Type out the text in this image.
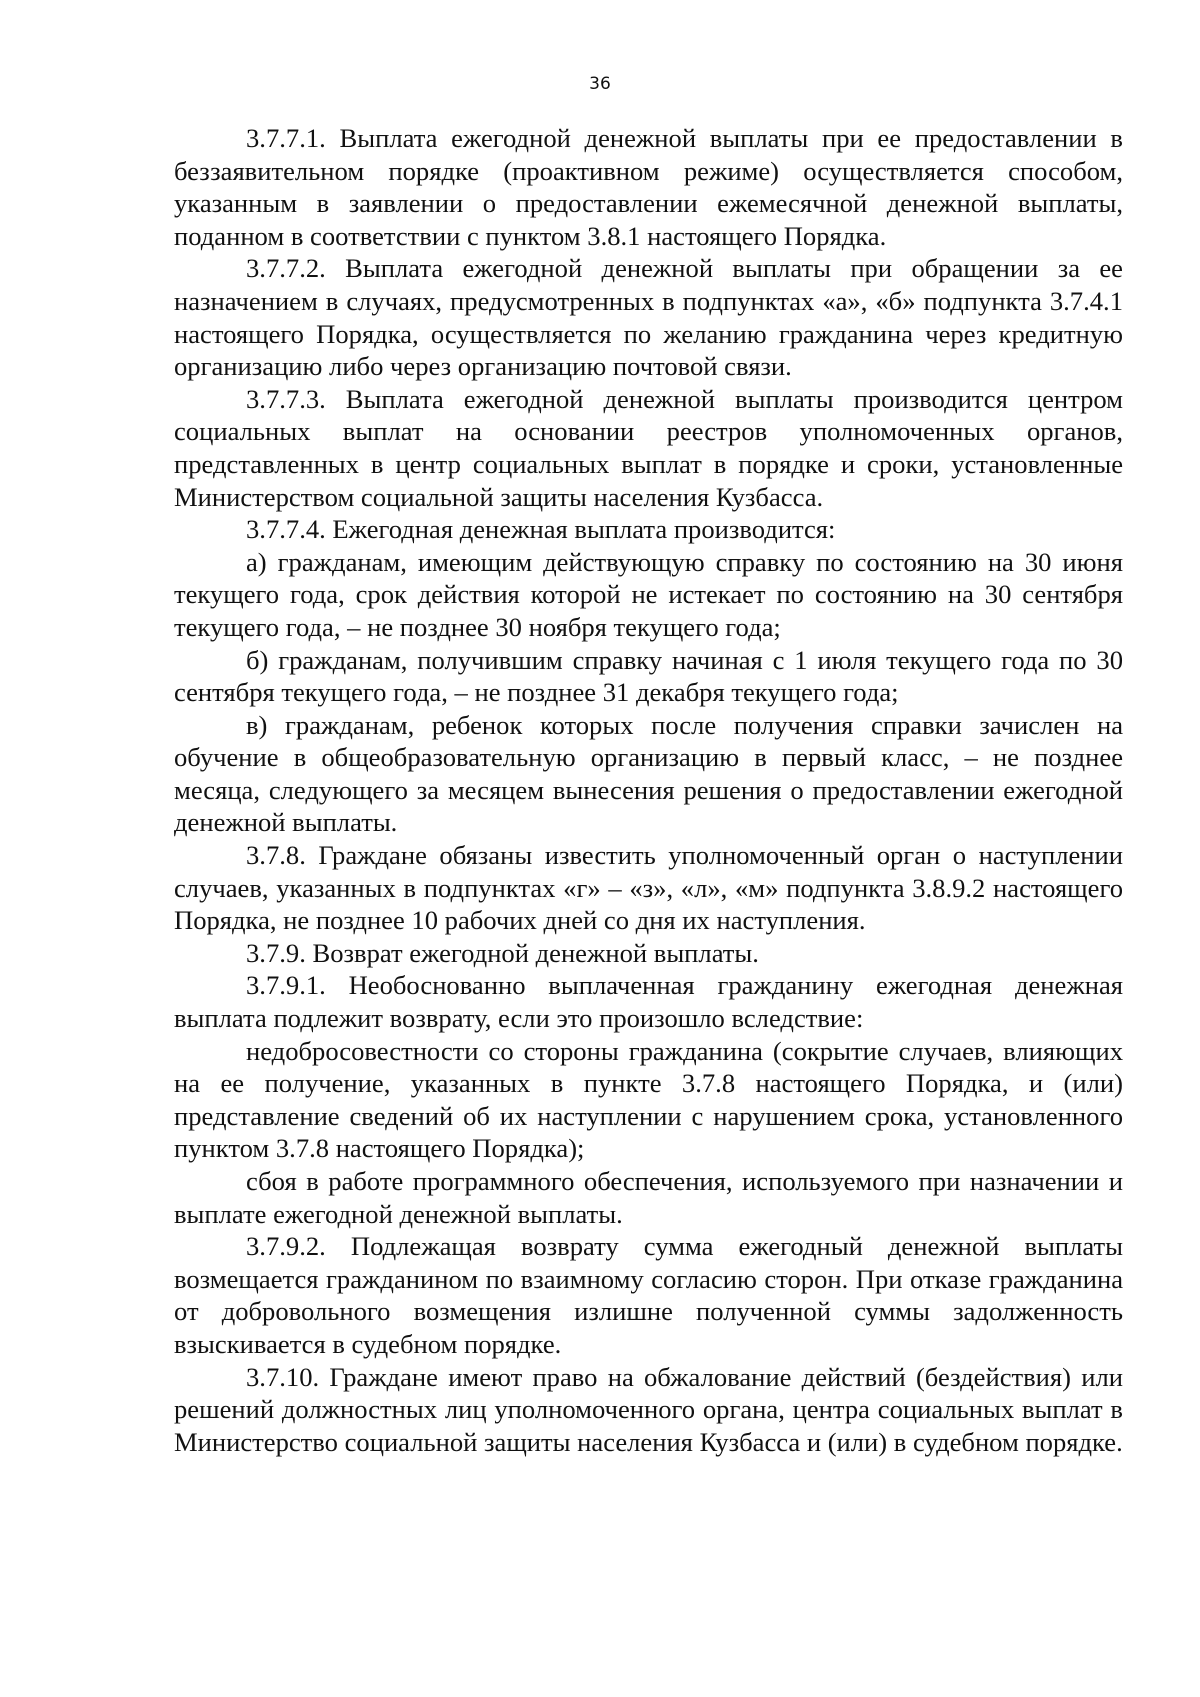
36

3.7.7.1. Выплата ежегодной денежной выплаты при ее предоставлении в беззаявительном порядке (проактивном режиме) осуществляется способом, указанным в заявлении о предоставлении ежемесячной денежной выплаты, поданном в соответствии с пунктом 3.8.1 настоящего Порядка.

3.7.7.2. Выплата ежегодной денежной выплаты при обращении за ее назначением в случаях, предусмотренных в подпунктах «а», «б» подпункта 3.7.4.1 настоящего Порядка, осуществляется по желанию гражданина через кредитную организацию либо через организацию почтовой связи.

3.7.7.3. Выплата ежегодной денежной выплаты производится центром социальных выплат на основании реестров уполномоченных органов, представленных в центр социальных выплат в порядке и сроки, установленные Министерством социальной защиты населения Кузбасса.

3.7.7.4. Ежегодная денежная выплата производится:

а) гражданам, имеющим действующую справку по состоянию на 30 июня текущего года, срок действия которой не истекает по состоянию на 30 сентября текущего года, – не позднее 30 ноября текущего года;

б) гражданам, получившим справку начиная с 1 июля текущего года по 30 сентября текущего года, – не позднее 31 декабря текущего года;

в) гражданам, ребенок которых после получения справки зачислен на обучение в общеобразовательную организацию в первый класс, – не позднее месяца, следующего за месяцем вынесения решения о предоставлении ежегодной денежной выплаты.

3.7.8. Граждане обязаны известить уполномоченный орган о наступлении случаев, указанных в подпунктах «г» – «з», «л», «м» подпункта 3.8.9.2 настоящего Порядка, не позднее 10 рабочих дней со дня их наступления.

3.7.9. Возврат ежегодной денежной выплаты.

3.7.9.1. Необоснованно выплаченная гражданину ежегодная денежная выплата подлежит возврату, если это произошло вследствие:

недобросовестности со стороны гражданина (сокрытие случаев, влияющих на ее получение, указанных в пункте 3.7.8 настоящего Порядка, и (или) представление сведений об их наступлении с нарушением срока, установленного пунктом 3.7.8 настоящего Порядка);

сбоя в работе программного обеспечения, используемого при назначении и выплате ежегодной денежной выплаты.

3.7.9.2. Подлежащая возврату сумма ежегодный денежной выплаты возмещается гражданином по взаимному согласию сторон. При отказе гражданина от добровольного возмещения излишне полученной суммы задолженность взыскивается в судебном порядке.

3.7.10. Граждане имеют право на обжалование действий (бездействия) или решений должностных лиц уполномоченного органа, центра социальных выплат в Министерство социальной защиты населения Кузбасса и (или) в судебном порядке.
